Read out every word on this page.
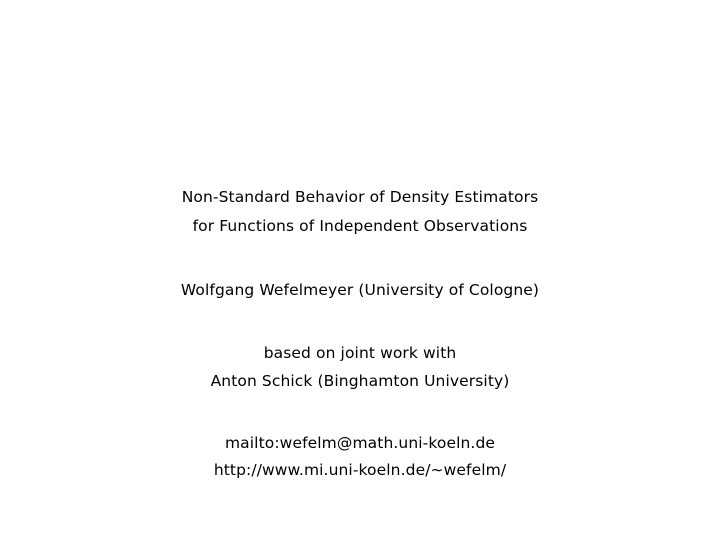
Non-Standard Behavior of Density Estimators
for Functions of Independent Observations
Wolfgang Wefelmeyer (University of Cologne)
based on joint work with
Anton Schick (Binghamton University)
mailto:wefelm@math.uni-koeln.de
http://www.mi.uni-koeln.de/∼wefelm/
